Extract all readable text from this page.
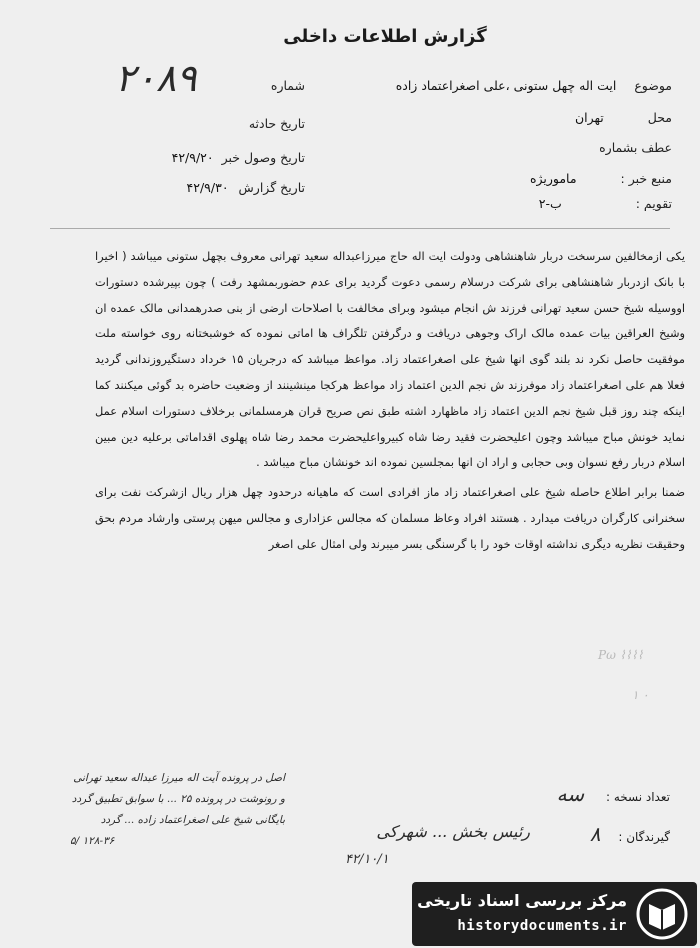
گزارش اطلاعات داخلی
موضوع ایت اله چهل ستونی ،علی اصغراعتماد زاده
محل تهران
عطف بشماره
منبع خبر : ماموریژه
تقویم : ب-۲
۲۰۸۹	شماره
تاریخ حادثه
تاریخ وصول خبر ۴۲/۹/۲۰
تاریخ گزارش ۴۲/۹/۳۰

یکی ازمخالفین سرسخت دربار شاهنشاهی ودولت ایت اله حاج میرزاعبداله سعید تهرانی معروف بچهل ستونی میباشد ( اخیرا با بانک ازدربار شاهنشاهی برای شرکت درسلام رسمی دعوت گردید برای عدم حضوربمشهد رفت ) چون بپیرشده دستورات اووسیله شیخ حسن سعید تهرانی فرزند ش انجام میشود وبرای مخالفت با اصلاحات ارضی از بنی صدرهمدانی مالک عمده ان وشیخ العراقین بیات عمده مالک اراک وجوهی دریافت و درگرفتن تلگراف ها اماتی نموده که خوشبختانه روی خواسته ملت موفقیت حاصل نکرد ند بلند گوی انها شیخ علی اصغراعتماد زاد. مواعظ میباشد که درجریان ۱۵ خرداد دستگیروزندانی گردید فعلا هم علی اصغراعتماد زاد موفرزند ش نجم الدین اعتماد زاد مواعظ هرکجا مینشینند از وضعیت حاضره بد گوئی میکنند کما اینکه چند روز قبل شیخ نجم الدین اعتماد زاد ماظهارد اشته طبق نص صریح قران هرمسلمانی برخلاف دستورات اسلام عمل نماید خونش مباح میباشد وچون اعلیحضرت فقید رضا شاه کبیرواعلیحضرت محمد رضا شاه پهلوی اقداماتی برعلیه دین مبین اسلام دربار رفع نسوان وبی حجابی و اراد ان انها بمجلسین نموده اند خونشان مباح میباشد .

ضمنا برابر اطلاع حاصله شیخ علی اصغراعتماد زاد ماز افرادی است که ماهیانه درحدود چهل هزار ریال ازشرکت نفت برای سخنرانی کارگران دریافت میدارد . هستند افراد وعاظ مسلمان که مجالس عزاداری و مجالس میهن پرستی وارشاد مردم بحق وحقیقت نظریه دیگری نداشته اوقات خود را با گرسنگی بسر میبرند ولی امثال علی اصغر

Ρω ⌇⌇⌇⌇
٠ ١
تعداد نسخه : سه
گیرندگان : ۸
اصل در پرونده آیت اله میرزا عبداله سعید تهرانی
و رونوشت در پرونده ۲۵ ... با سوابق تطبیق گردد
بایگانی شیخ علی اصغراعتماد زاده ... گردد
۱۲۸-۳۶ /۵	رئیس بخش ... شهرکی
۴۲/۱۰/۱
مرکز بررسی اسناد تاریخی
historydocuments.ir
